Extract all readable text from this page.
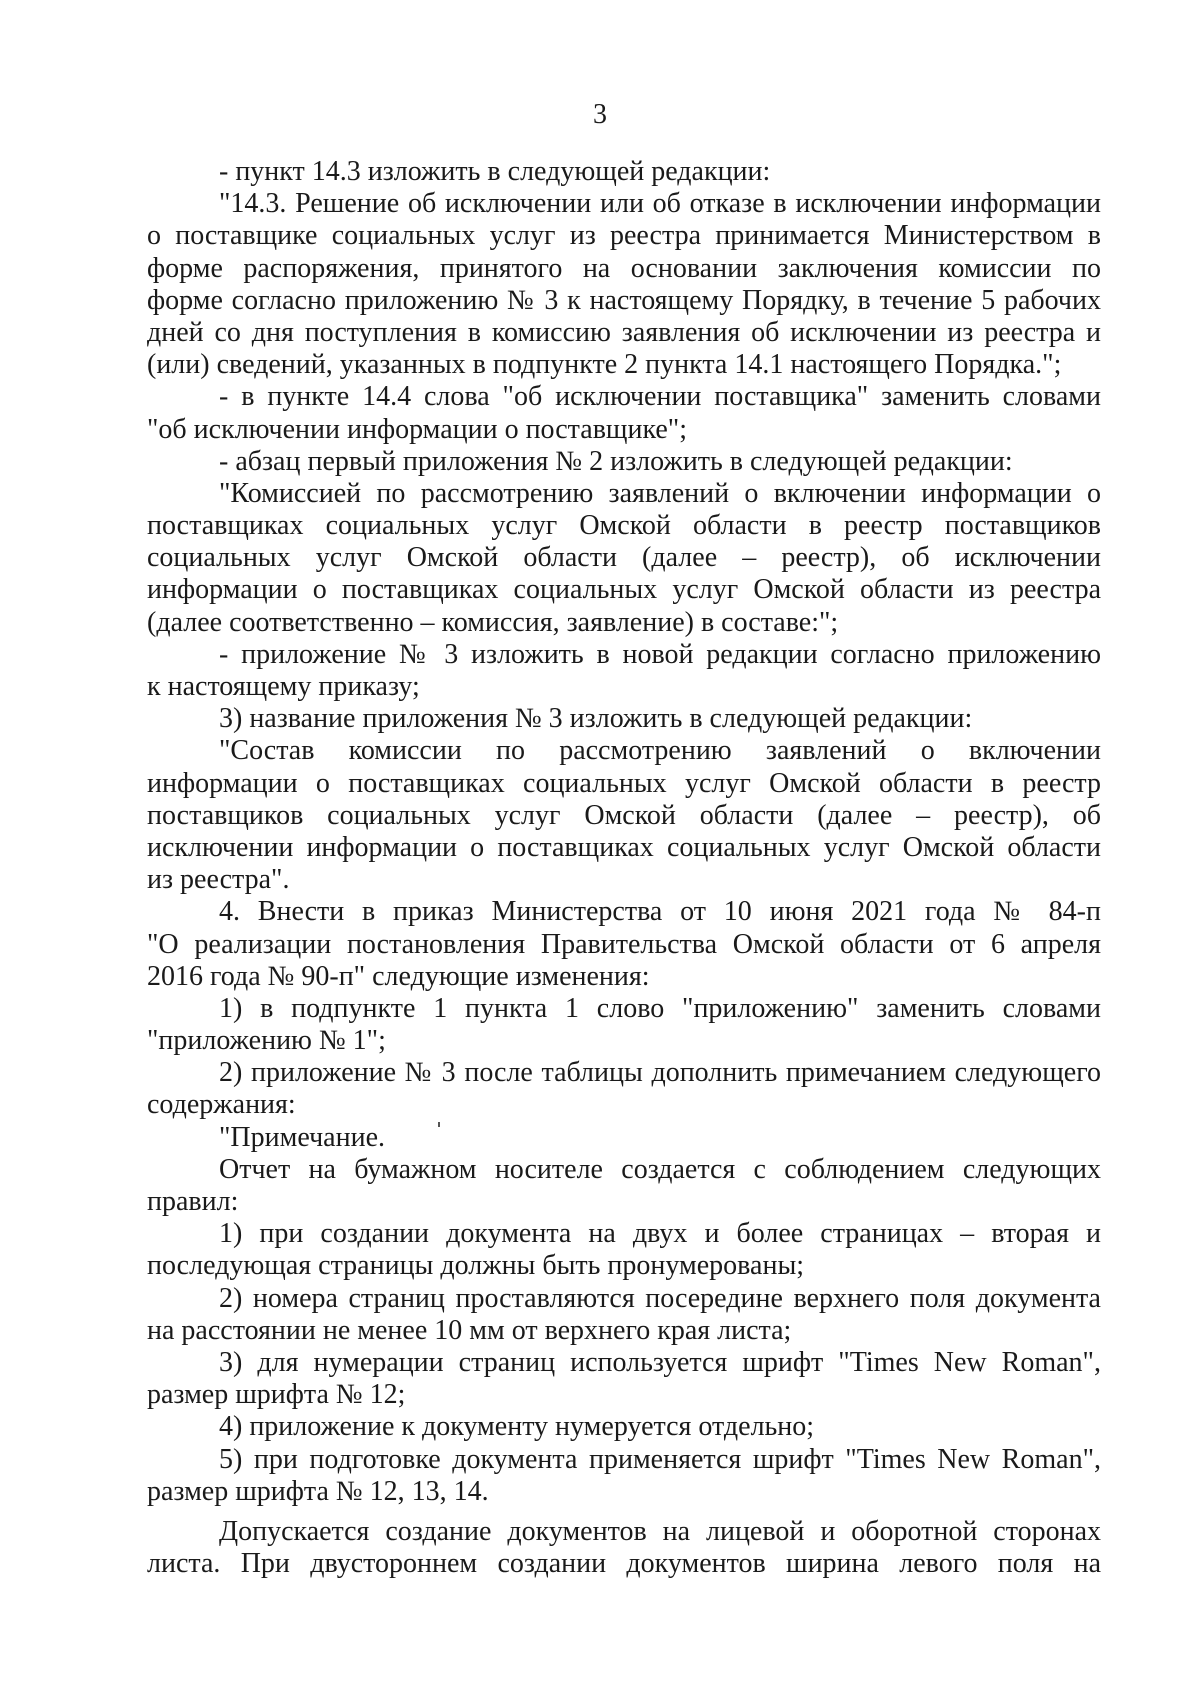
3
- пункт 14.3 изложить в следующей редакции:
"14.3. Решение об исключении или об отказе в исключении информации
о поставщике социальных услуг из реестра принимается Министерством в
форме распоряжения, принятого на основании заключения комиссии по
форме согласно приложению № 3 к настоящему Порядку, в течение 5 рабочих
дней со дня поступления в комиссию заявления об исключении из реестра и
(или) сведений, указанных в подпункте 2 пункта 14.1 настоящего Порядка.";
- в пункте 14.4 слова "об исключении поставщика" заменить словами
"об исключении информации о поставщике";
- абзац первый приложения № 2 изложить в следующей редакции:
"Комиссией по рассмотрению заявлений о включении информации о
поставщиках социальных услуг Омской области в реестр поставщиков
социальных услуг Омской области (далее – реестр), об исключении
информации о поставщиках социальных услуг Омской области из реестра
(далее соответственно – комиссия, заявление) в составе:";
- приложение № 3 изложить в новой редакции согласно приложению
к настоящему приказу;
3) название приложения № 3 изложить в следующей редакции:
"Состав комиссии по рассмотрению заявлений о включении
информации о поставщиках социальных услуг Омской области в реестр
поставщиков социальных услуг Омской области (далее – реестр), об
исключении информации о поставщиках социальных услуг Омской области
из реестра".
4. Внести в приказ Министерства от 10 июня 2021 года № 84-п
"О реализации постановления Правительства Омской области от 6 апреля
2016 года № 90-п" следующие изменения:
1) в подпункте 1 пункта 1 слово "приложению" заменить словами
"приложению № 1";
2) приложение № 3 после таблицы дополнить примечанием следующего
содержания:
"Примечание.
Отчет на бумажном носителе создается с соблюдением следующих
правил:
1) при создании документа на двух и более страницах – вторая и
последующая страницы должны быть пронумерованы;
2) номера страниц проставляются посередине верхнего поля документа
на расстоянии не менее 10 мм от верхнего края листа;
3) для нумерации страниц используется шрифт "Times New Roman",
размер шрифта № 12;
4) приложение к документу нумеруется отдельно;
5) при подготовке документа применяется шрифт "Times New Roman",
размер шрифта № 12, 13, 14.
Допускается создание документов на лицевой и оборотной сторонах
листа. При двустороннем создании документов ширина левого поля на
